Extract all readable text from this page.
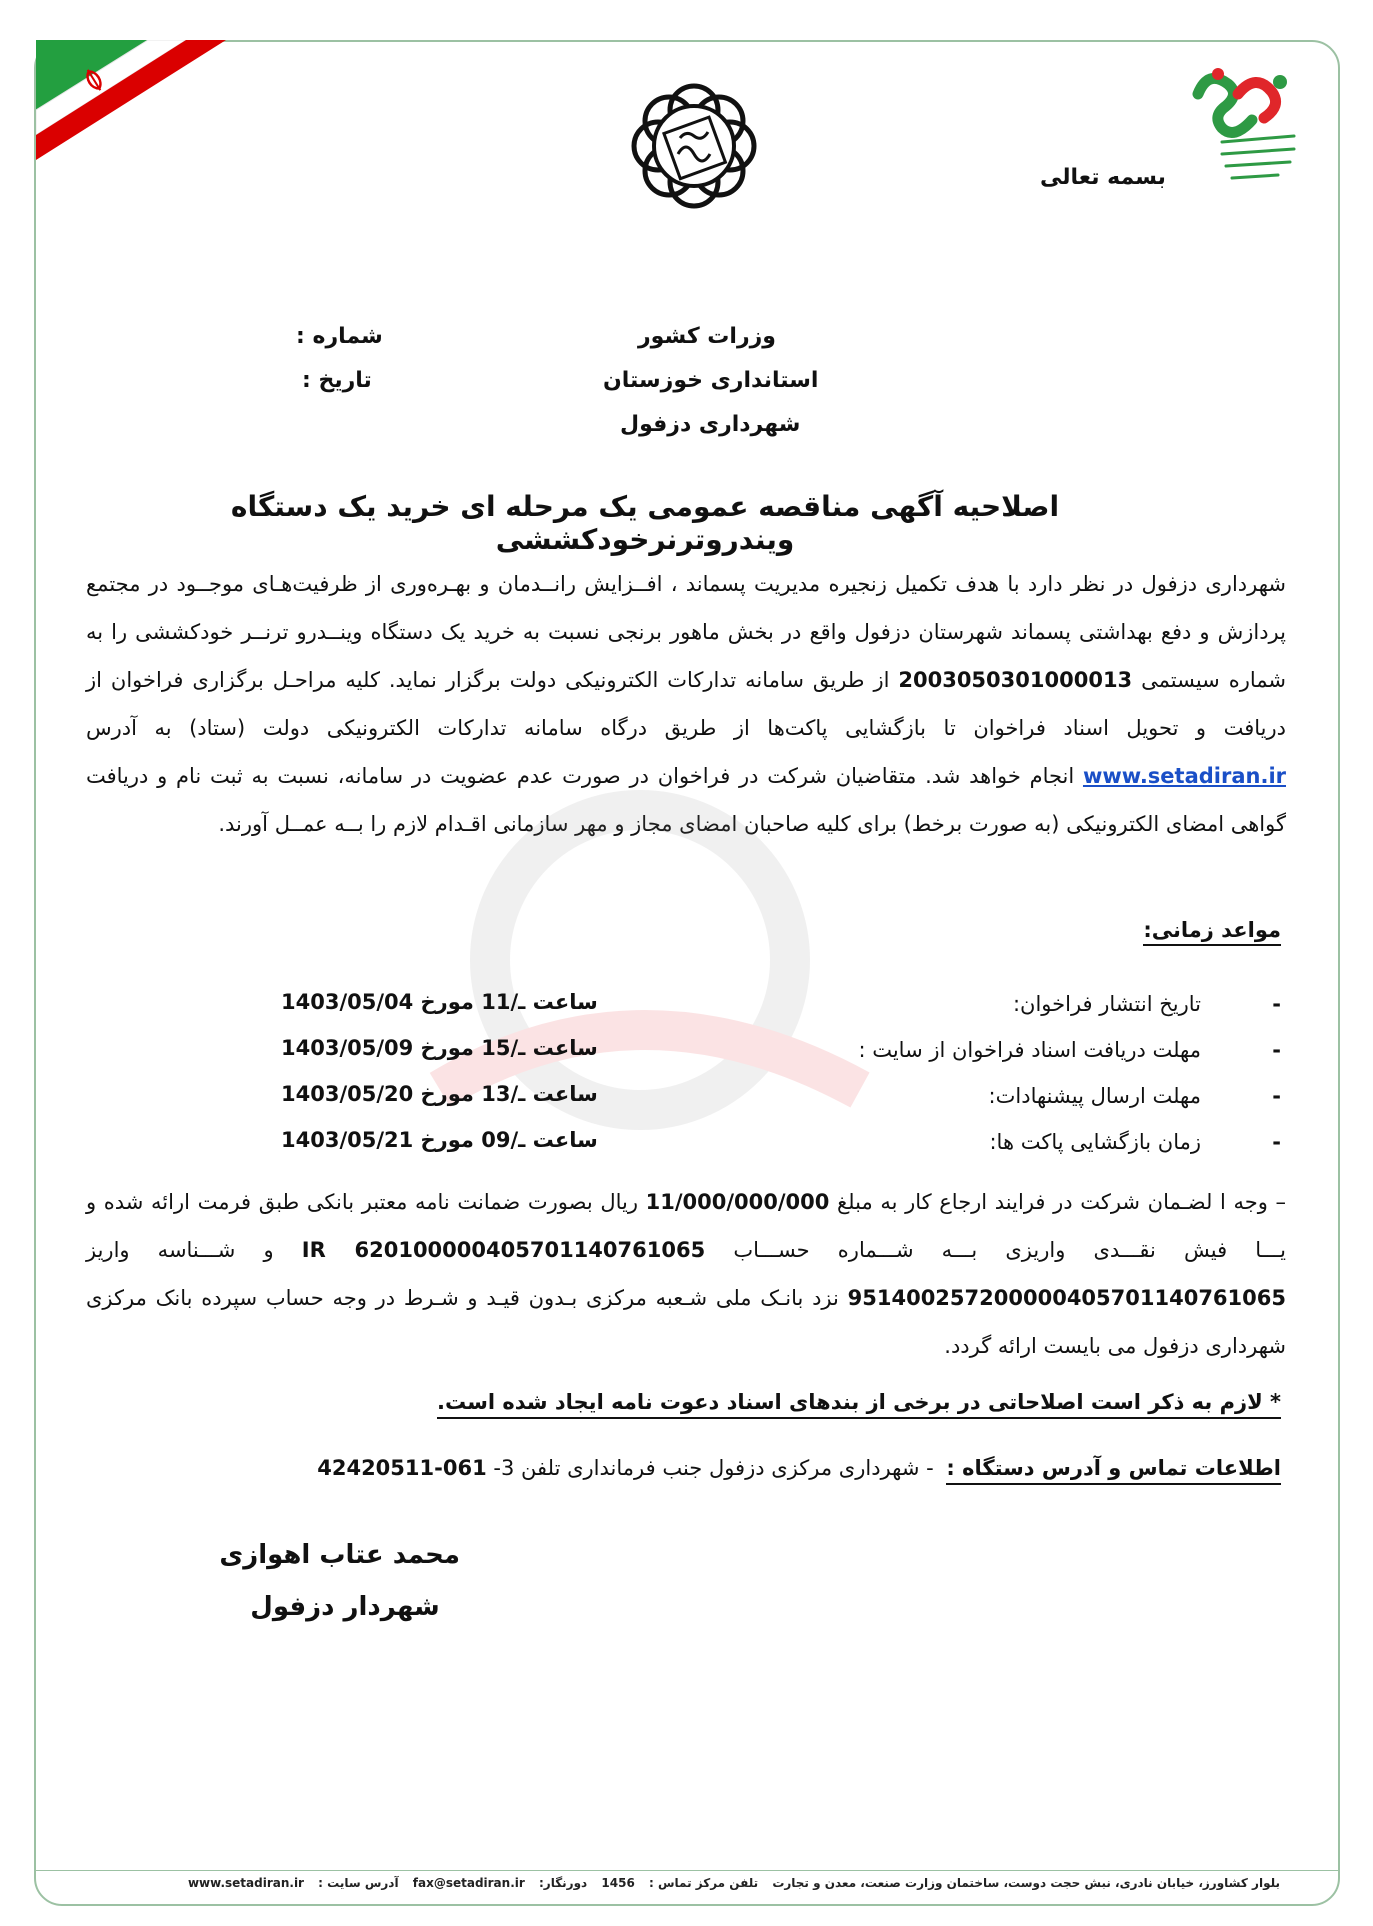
بسمه تعالی
وزرات کشور
استانداری خوزستان
شهرداری دزفول
شماره :
تاریخ :
اصلاحیه آگهی مناقصه عمومی یک مرحله ای خرید یک دستگاه ویندروترنرخودکششی
شهرداری دزفول در نظر دارد با هدف تکمیل زنجیره مدیریت پسماند ، افــزایش رانــدمان و بهـره‌وری از ظرفیت‌هـای موجــود در مجتمع پردازش و دفع بهداشتی پسماند شهرستان دزفول واقع در بخش ماهور برنجی نسبت به خرید یک دستگاه وینــدرو ترنــر خودکششی را به شماره سیستمی 2003050301000013 از طریق سامانه تدارکات الکترونیکی دولت برگزار نماید. کلیه مراحـل برگزاری فراخوان از دریافت و تحویل اسناد فراخوان تا بازگشایی پاکت‌ها از طریق درگاه سامانه تدارکات الکترونیکی دولت (ستاد) به آدرس www.setadiran.ir انجام خواهد شد. متقاضیان شرکت در فراخوان در صورت عدم عضویت در سامانه، نسبت به ثبت نام و دریافت گواهی امضای الکترونیکی (به صورت برخط) برای کلیه صاحبان امضای مجاز و مهر سازمانی اقـدام لازم را بــه عمــل آورند.
مواعد زمانی:
-
تاریخ انتشار فراخوان:
ساعت ـ/11 مورخ 1403/05/04
-
مهلت دریافت اسناد فراخوان از سایت :
ساعت ـ/15 مورخ 1403/05/09
-
مهلت ارسال پیشنهادات:
ساعت ـ/13 مورخ 1403/05/20
-
زمان بازگشایی پاکت ها:
ساعت ـ/09 مورخ 1403/05/21
– وجه ا لضـمان شرکت در فرایند ارجاع کار به مبلغ 11/000/000/000 ریال بصورت ضمانت نامه معتبر بانکی طبق فرمت ارائه شده و یـــا فیش نقـــدی واریزی بـــه شـــماره حســـاب IR 620100000405701140761065 و شـــناسه واریز 951400257200000405701140761065 نزد بانـک ملی شـعبه مرکزی بـدون قیـد و شـرط در وجه حساب سپرده بانک مرکزی شهرداری دزفول می بایست ارائه گردد.
* لازم به ذکر است اصلاحاتی در برخی از بندهای اسناد دعوت نامه ایجاد شده است.
اطلاعات تماس و آدرس دستگاه : - شهرداری مرکزی دزفول جنب فرمانداری تلفن 3- 061-42420511
محمد عتاب اهوازی
شهردار دزفول
بلوار کشاورز، خیابان نادری، نبش حجت دوست، ساختمان وزارت صنعت، معدن و تجارت تلفن مرکز تماس : 1456 دورنگار: fax@setadiran.ir آدرس سایت : www.setadiran.ir
